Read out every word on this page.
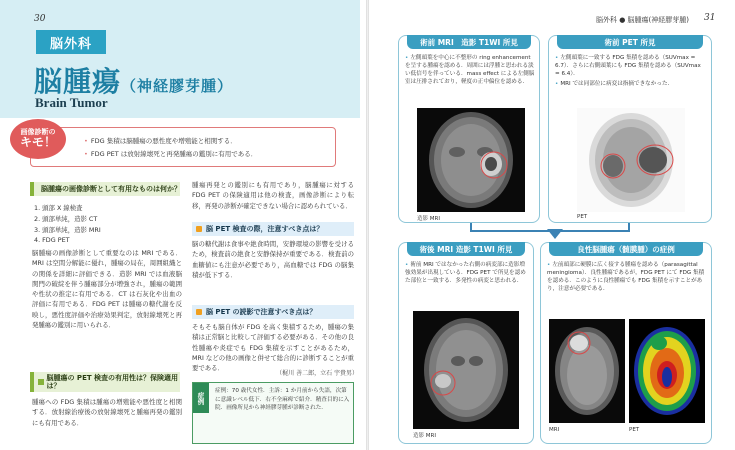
30
脳外科
脳腫瘍（神経膠芽腫）
Brain Tumor
画像診断の
キモ！
•	FDG 集積は脳腫瘍の悪性度や増殖能と相関する．
• FDG PET は放射線壊死と再発腫瘍の鑑別に有用である．
脳腫瘍の画像診断として有用なものは何か？
1. 頭部 X 線検査
2. 頭部単純，造影 CT
3. 頭部単純，造影 MRI
4. FDG PET
脳腫瘍の画像診断として重要なのは MRI である．MRI は空間分解能に優れ，腫瘍の局在，周囲組織との関係を詳細に評価できる．造影 MRI では血液脳関門の破綻を伴う腫瘍部分が増強され，腫瘍の範囲や性状の推定に有用である．CT は石灰化や出血の評価に有用である．FDG PET は腫瘍の糖代謝を反映し，悪性度評価や治療効果判定，放射線壊死と再発腫瘍の鑑別に用いられる．
脳腫瘍の PET 検査の有用性は？保険適用は？
腫瘍への FDG 集積は腫瘍の増殖能や悪性度と相関する．放射線治療後の放射線壊死と腫瘍再発の鑑別にも有用である．
腫瘍再発との鑑別にも有用であり，脳腫瘍に対する FDG PET の保険適用は他の検査，画像診断により転移，再発の診断が確定できない場合に認められている．
脳 PET 検査の際，注意すべき点は？
脳の糖代謝は食事や絶食時間，安静環境の影響を受けるため，検査前の絶食と安静保持が重要である．検査前の血糖値にも注意が必要であり，高血糖では FDG の脳集積が低下する．
脳 PET の読影で注意すべき点は？
そもそも脳自体が FDG を高く集積するため，腫瘍の集積は正常脳と比較して評価する必要がある．その他の良性腫瘍や炎症でも FDG 集積を示すことがあるため，MRI などの他の画像と併せて総合的に診断することが重要である．
（梶川 善二郎，立石 宇貴男）
症例
症例：70 歳代女性．主訴：1 か月前から失語，次第に意識レベル低下．右不全麻痺で紹介．精査目的に入院．画像所見から神経膠芽腫が診断された．
脳外科 ● 脳腫瘍(神経膠芽腫) 31
術前 MRI　造影 T1WI 所見

• 左側頭葉を中心に不整形の ring enhancement を呈する腫瘍を認める．周囲には浮腫と思われる淡い低信号を伴っている．mass effect による左側脳室は圧排されており，軽度の正中偏位を認める．

造影 MRI
術前 PET 所見

• 左側頭葉に一致する FDG 集積を認める（SUVmax = 6.7）．さらに右側頭葉にも FDG 集積を認める（SUVmax = 6.4）．

• MRI では同部位に病変は指摘できなかった．

PET
術後 MRI 造影 T1WI 所見

• 術前 MRI ではなかった右側の病変部に造影増強効果が出現している．FDG PET で所見を認めた部位と一致する．多発性の病変と思われる．

造影 MRI
良性脳腫瘍（髄膜腫）の症例

• 左前頭部に硬膜に広く接する腫瘍を認める（parasagittal meningioma）．良性腫瘍であるが，FDG PET にて FDG 集積を認める．このように良性腫瘍でも FDG 集積を示すことがあり，注意が必要である．

MRI	PET
